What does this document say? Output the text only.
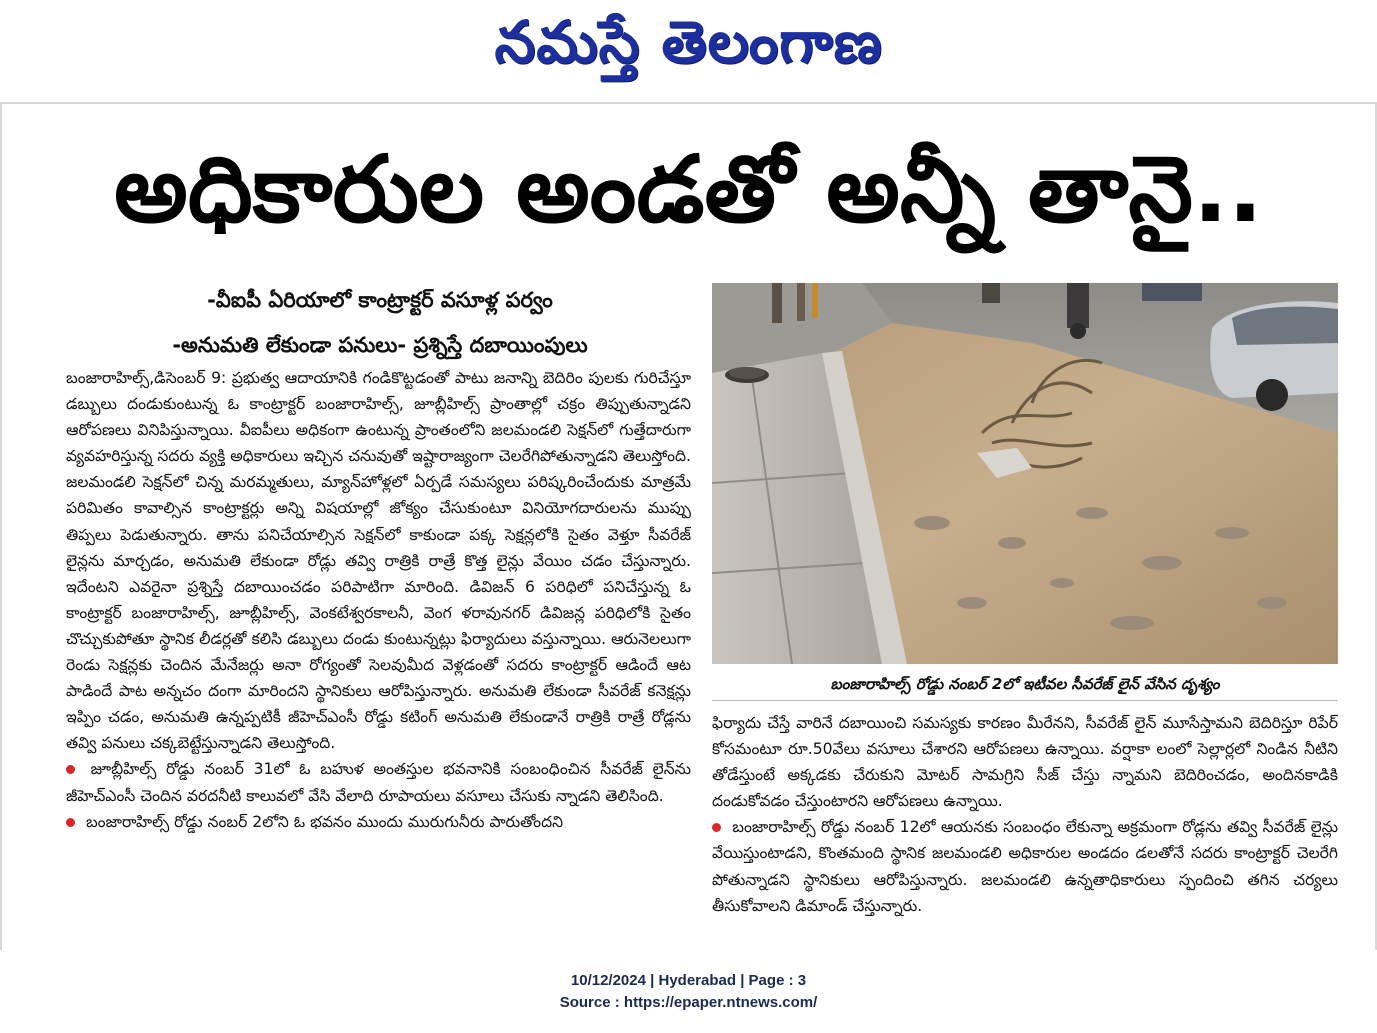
నమస్తే తెలంగాణ
అధికారుల అండతో అన్నీ తానై..
-వీఐపీ ఏరియాలో కాంట్రాక్టర్ వసూళ్ల పర్వం
-అనుమతి లేకుండా పనులు- ప్రశ్నిస్తే దబాయింపులు

బంజారాహిల్స్,డిసెంబర్ 9: ప్రభుత్వ ఆదాయానికి గండికొట్టడంతో పాటు జనాన్ని బెదిరిం పులకు గురిచేస్తూ డబ్బులు దండుకుంటున్న ఓ కాంట్రాక్టర్ బంజారాహిల్స్, జూబ్లీహిల్స్ ప్రాంతాల్లో చక్రం తిప్పుతున్నాడని ఆరోపణలు వినిపిస్తున్నాయి. వీఐపీలు అధికంగా ఉంటున్న ప్రాంతంలోని జలమండలి సెక్షన్‌లో గుత్తేదారుగా వ్యవహరిస్తున్న సదరు వ్యక్తి అధికారులు ఇచ్చిన చనువుతో ఇష్టారాజ్యంగా చెలరేగిపోతున్నాడని తెలుస్తోంది. జలమండలి సెక్షన్‌లో చిన్న మరమ్మతులు, మ్యాన్‌హోళ్లలో ఏర్పడే సమస్యలు పరిష్కరించేందుకు మాత్రమే పరిమితం కావాల్సిన కాంట్రాక్టర్లు అన్ని విషయాల్లో జోక్యం చేసుకుంటూ వినియోగదారులను ముప్పు తిప్పలు పెడుతున్నారు. తాను పనిచేయాల్సిన సెక్షన్‌లో కాకుండా పక్క సెక్షన్లలోకి సైతం వెళ్తూ సీవరేజ్ లైన్లను మార్చడం, అనుమతి లేకుండా రోడ్లు తవ్వి రాత్రికి రాత్రే కొత్త లైన్లు వేయిం చడం చేస్తున్నారు. ఇదేంటని ఎవరైనా ప్రశ్నిస్తే దబాయించడం పరిపాటిగా మారింది. డివిజన్ 6 పరిధిలో పనిచేస్తున్న ఓ కాంట్రాక్టర్ బంజారాహిల్స్, జూబ్లీహిల్స్, వెంకటేశ్వరకాలనీ, వెంగ ళరావునగర్ డివిజన్ల పరిధిలోకి సైతం చొచ్చుకుపోతూ స్థానిక లీడర్లతో కలిసి డబ్బులు దండు కుంటున్నట్లు ఫిర్యాదులు వస్తున్నాయి. ఆరునెలలుగా రెండు సెక్షన్లకు చెందిన మేనేజర్లు అనా రోగ్యంతో సెలవుమీద వెళ్లడంతో సదరు కాంట్రాక్టర్ ఆడిందే ఆట పాడిందే పాట అన్నచం దంగా మారిందని స్థానికులు ఆరోపిస్తున్నారు. అనుమతి లేకుండా సీవరేజ్ కనెక్షన్లు ఇప్పిం చడం, అనుమతి ఉన్నప్పటికీ జీహెచ్‌ఎంసీ రోడ్డు కటింగ్ అనుమతి లేకుండానే రాత్రికి రాత్రే రోడ్లను తవ్వి పనులు చక్కబెట్టేస్తున్నాడని తెలుస్తోంది.

జూబ్లీహిల్స్ రోడ్డు నంబర్ 31లో ఓ బహుళ అంతస్తుల భవనానికి సంబంధించిన సీవరేజ్ లైన్‌ను జీహెచ్‌ఎంసీ చెందిన వరదనీటి కాలువలో వేసి వేలాది రూపాయలు వసూలు చేసుకు న్నాడని తెలిసింది.

బంజారాహిల్స్ రోడ్డు నంబర్ 2లోని ఓ భవనం ముందు మురుగునీరు పారుతోందని

బంజారాహిల్స్ రోడ్డు నంబర్ 2లో ఇటీవల సీవరేజ్ లైన్ వేసిన దృశ్యం

ఫిర్యాదు చేస్తే వారినే దబాయించి సమస్యకు కారణం మీరేనని, సీవరేజ్ లైన్ మూసేస్తామని బెదిరిస్తూ రిపేర్ కోసమంటూ రూ.50వేలు వసూలు చేశారని ఆరోపణలు ఉన్నాయి. వర్షాకా లంలో సెల్లార్లలో నిండిన నీటిని తోడేస్తుంటే అక్కడకు చేరుకుని మోటర్ సామగ్రిని సీజ్ చేస్తు న్నామని బెదిరించడం, అందినకాడికి దండుకోవడం చేస్తుంటారని ఆరోపణలు ఉన్నాయి.

బంజారాహిల్స్ రోడ్డు నంబర్ 12లో ఆయనకు సంబంధం లేకున్నా అక్రమంగా రోడ్లను తవ్వి సీవరేజ్ లైన్లు వేయిస్తుంటాడని, కొంతమంది స్థానిక జలమండలి అధికారుల అండదం డలతోనే సదరు కాంట్రాక్టర్ చెలరేగి పోతున్నాడని స్థానికులు ఆరోపిస్తున్నారు. జలమండలి ఉన్నతాధికారులు స్పందించి తగిన చర్యలు తీసుకోవాలని డిమాండ్ చేస్తున్నారు.

10/12/2024 | Hyderabad | Page : 3
Source : https://epaper.ntnews.com/
